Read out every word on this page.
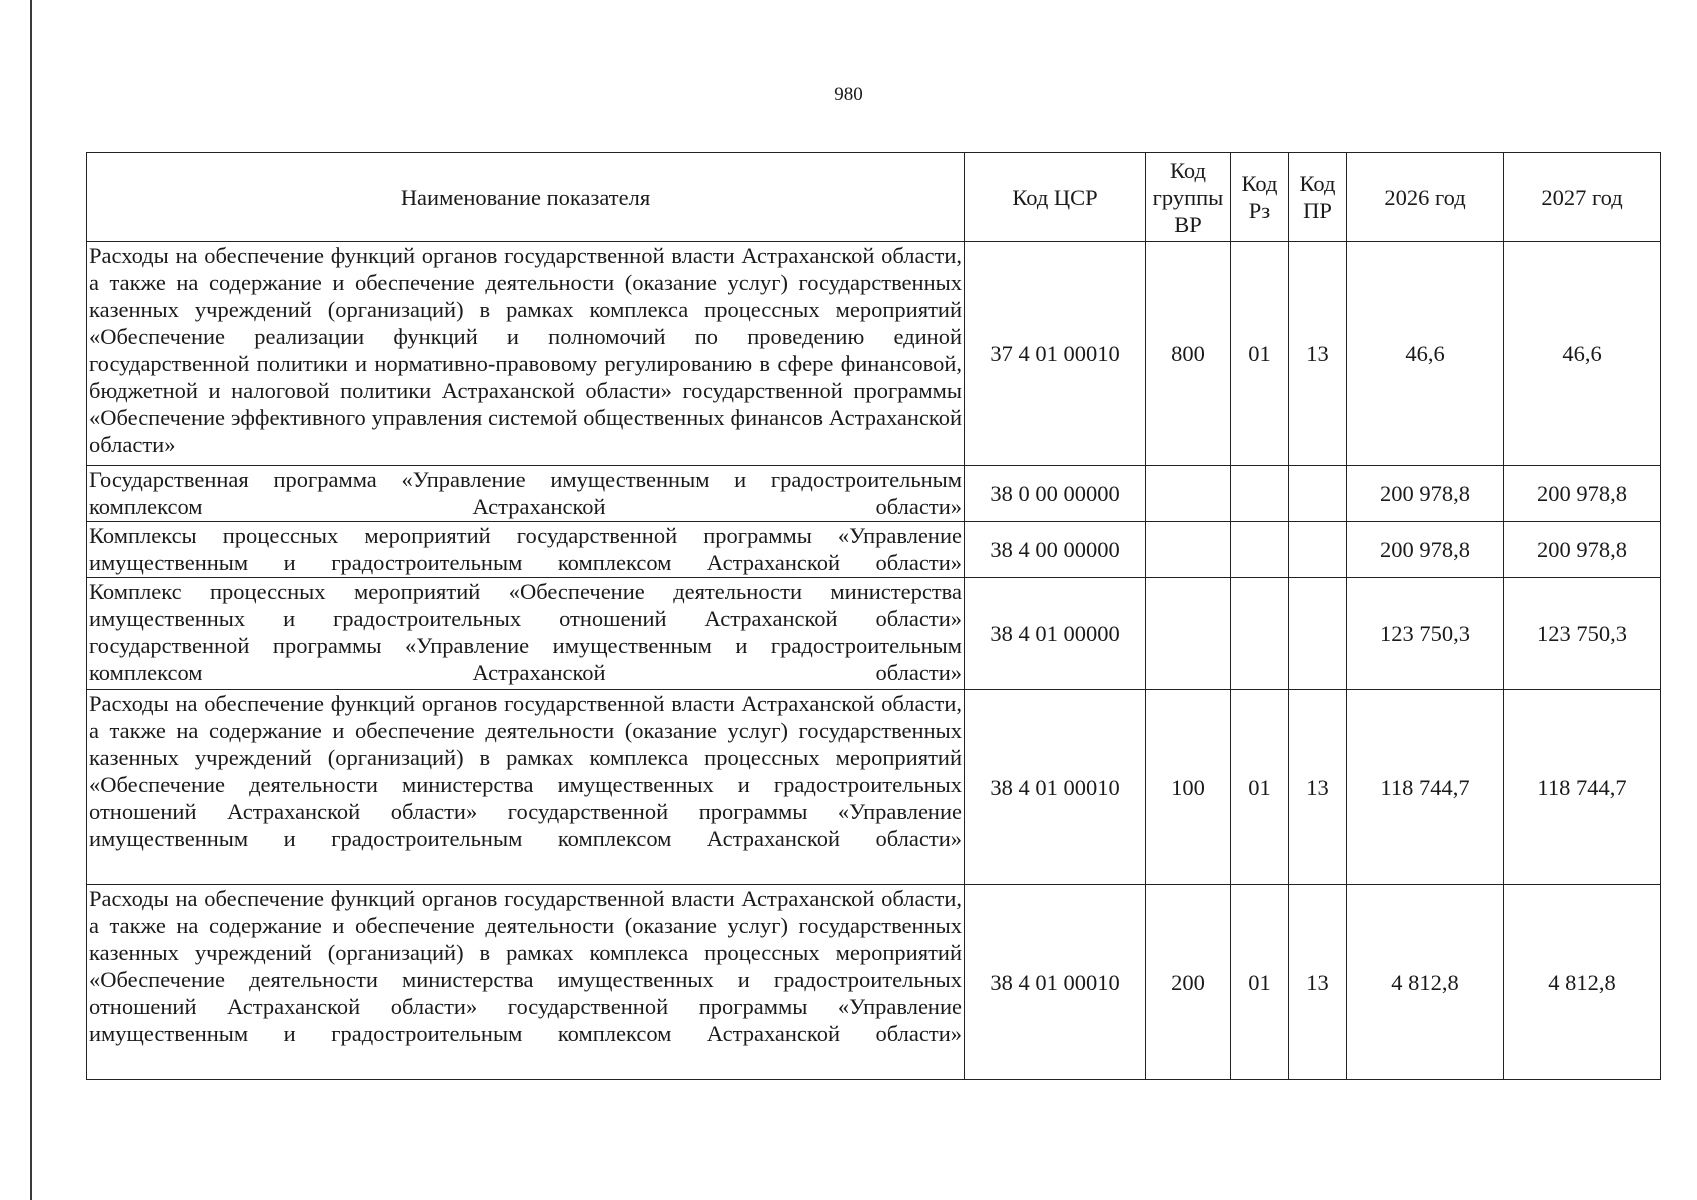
980
Наименование показателя	Код ЦСР	Код группы ВР	Код Рз	Код ПР	2026 год	2027 год
Расходы на обеспечение функций органов государственной власти Астраханской области, а также на содержание и обеспечение деятельности (оказание услуг) государственных казенных учреждений (организаций) в рамках комплекса процессных мероприятий «Обеспечение реализации функций и полномочий по проведению единой государственной политики и нормативно-правовому регулированию в сфере финансовой, бюджетной и налоговой политики Астраханской области» государственной программы «Обеспечение эффективного управления системой общественных финансов Астраханской области»	37 4 01 00010	800	01	13	46,6	46,6
Государственная программа «Управление имущественным и градостроительным комплексом Астраханской области»	38 0 00 00000				200 978,8	200 978,8
Комплексы процессных мероприятий государственной программы «Управление имущественным и градостроительным комплексом Астраханской области»	38 4 00 00000				200 978,8	200 978,8
Комплекс процессных мероприятий «Обеспечение деятельности министерства имущественных и градостроительных отношений Астраханской области» государственной программы «Управление имущественным и градостроительным комплексом Астраханской области»	38 4 01 00000				123 750,3	123 750,3
Расходы на обеспечение функций органов государственной власти Астраханской области, а также на содержание и обеспечение деятельности (оказание услуг) государственных казенных учреждений (организаций) в рамках комплекса процессных мероприятий «Обеспечение деятельности министерства имущественных и градостроительных отношений Астраханской области» государственной программы «Управление имущественным и градостроительным комплексом Астраханской области»	38 4 01 00010	100	01	13	118 744,7	118 744,7
Расходы на обеспечение функций органов государственной власти Астраханской области, а также на содержание и обеспечение деятельности (оказание услуг) государственных казенных учреждений (организаций) в рамках комплекса процессных мероприятий «Обеспечение деятельности министерства имущественных и градостроительных отношений Астраханской области» государственной программы «Управление имущественным и градостроительным комплексом Астраханской области»	38 4 01 00010	200	01	13	4 812,8	4 812,8
